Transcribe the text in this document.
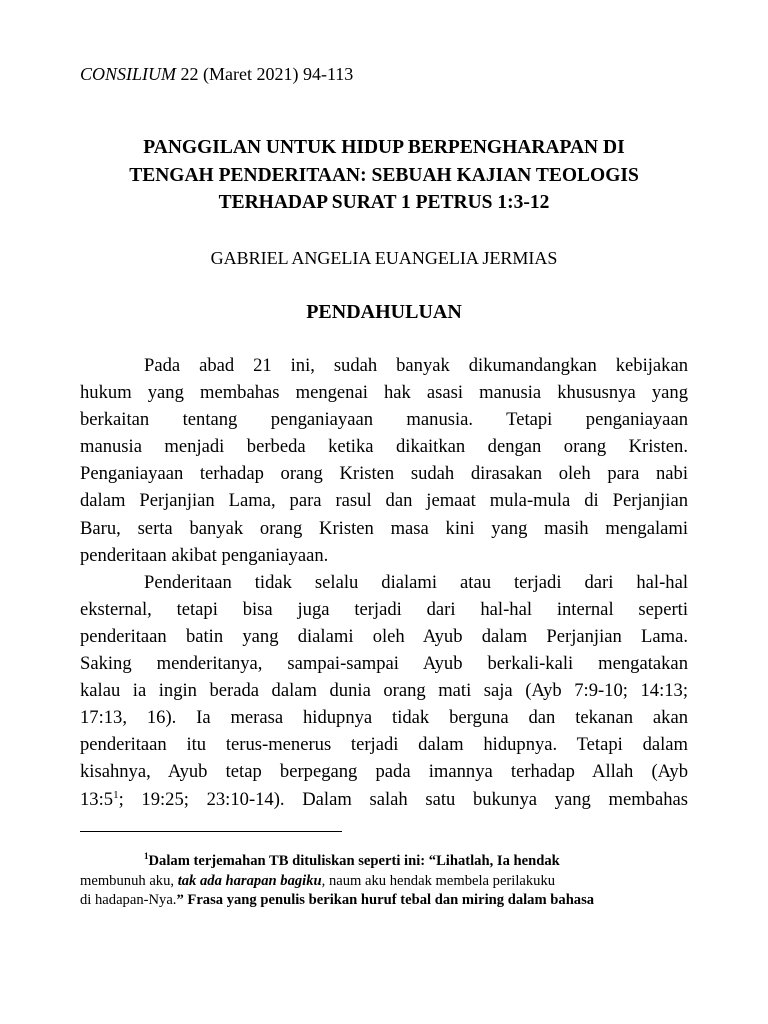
CONSILIUM 22 (Maret 2021) 94-113
PANGGILAN UNTUK HIDUP BERPENGHARAPAN DI
TENGAH PENDERITAAN: SEBUAH KAJIAN TEOLOGIS
TERHADAP SURAT 1 PETRUS 1:3-12
GABRIEL ANGELIA EUANGELIA JERMIAS
PENDAHULUAN
Pada abad 21 ini, sudah banyak dikumandangkan kebijakan
hukum yang membahas mengenai hak asasi manusia khususnya yang
berkaitan tentang penganiayaan manusia. Tetapi penganiayaan
manusia menjadi berbeda ketika dikaitkan dengan orang Kristen.
Penganiayaan terhadap orang Kristen sudah dirasakan oleh para nabi
dalam Perjanjian Lama, para rasul dan jemaat mula-mula di Perjanjian
Baru, serta banyak orang Kristen masa kini yang masih mengalami
penderitaan akibat penganiayaan.
Penderitaan tidak selalu dialami atau terjadi dari hal-hal
eksternal, tetapi bisa juga terjadi dari hal-hal internal seperti
penderitaan batin yang dialami oleh Ayub dalam Perjanjian Lama.
Saking menderitanya, sampai-sampai Ayub berkali-kali mengatakan
kalau ia ingin berada dalam dunia orang mati saja (Ayb 7:9-10; 14:13;
17:13, 16). Ia merasa hidupnya tidak berguna dan tekanan akan
penderitaan itu terus-menerus terjadi dalam hidupnya. Tetapi dalam
kisahnya, Ayub tetap berpegang pada imannya terhadap Allah (Ayb
$13:5^1$; 19:25; 23:10-14). Dalam salah satu bukunya yang membahas
$^1$Dalam terjemahan TB dituliskan seperti ini: “Lihatlah, Ia hendak
membunuh aku, tak ada harapan bagiku, naum aku hendak membela perilakuku
di hadapan-Nya.” Frasa yang penulis berikan huruf tebal dan miring dalam bahasa
